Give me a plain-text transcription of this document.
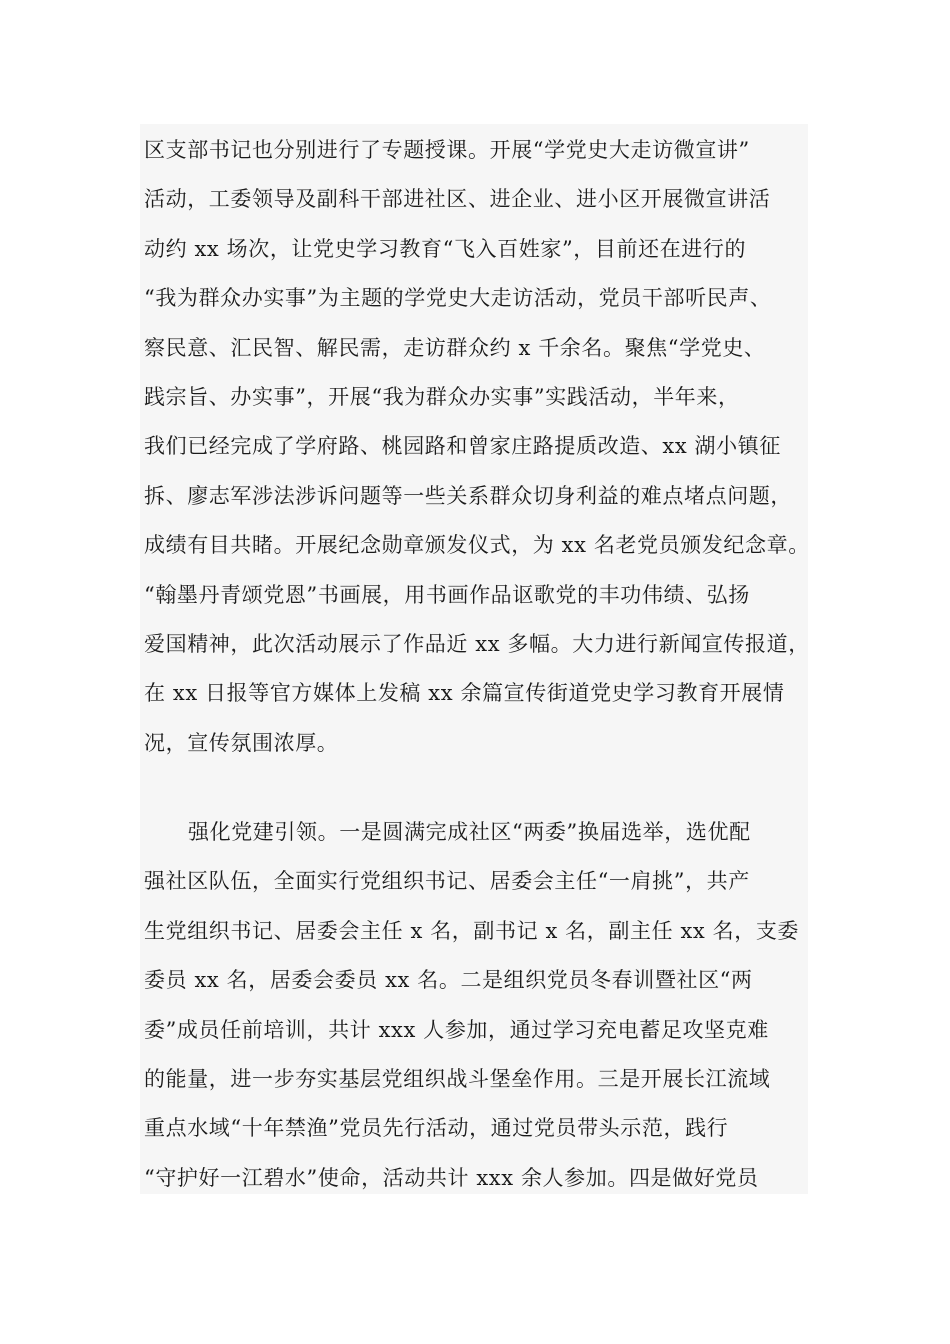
区支部书记也分别进行了专题授课。开展“学党史大走访微宣讲”
活动，工委领导及副科干部进社区、进企业、进小区开展微宣讲活
动约 xx 场次，让党史学习教育“飞入百姓家”，目前还在进行的
“我为群众办实事”为主题的学党史大走访活动，党员干部听民声、
察民意、汇民智、解民需，走访群众约 x 千余名。聚焦“学党史、
践宗旨、办实事”，开展“我为群众办实事”实践活动，半年来，
我们已经完成了学府路、桃园路和曾家庄路提质改造、xx 湖小镇征
拆、廖志军涉法涉诉问题等一些关系群众切身利益的难点堵点问题，
成绩有目共睹。开展纪念勋章颁发仪式，为 xx 名老党员颁发纪念章。
“翰墨丹青颂党恩”书画展，用书画作品讴歌党的丰功伟绩、弘扬
爱国精神，此次活动展示了作品近 xx 多幅。大力进行新闻宣传报道，
在 xx 日报等官方媒体上发稿 xx 余篇宣传街道党史学习教育开展情
况，宣传氛围浓厚。
强化党建引领。一是圆满完成社区“两委”换届选举，选优配
强社区队伍，全面实行党组织书记、居委会主任“一肩挑”，共产
生党组织书记、居委会主任 x 名，副书记 x 名，副主任 xx 名，支委
委员 xx 名，居委会委员 xx 名。二是组织党员冬春训暨社区“两
委”成员任前培训，共计 xxx 人参加，通过学习充电蓄足攻坚克难
的能量，进一步夯实基层党组织战斗堡垒作用。三是开展长江流域
重点水域“十年禁渔”党员先行活动，通过党员带头示范，践行
“守护好一江碧水”使命，活动共计 xxx 余人参加。四是做好党员
